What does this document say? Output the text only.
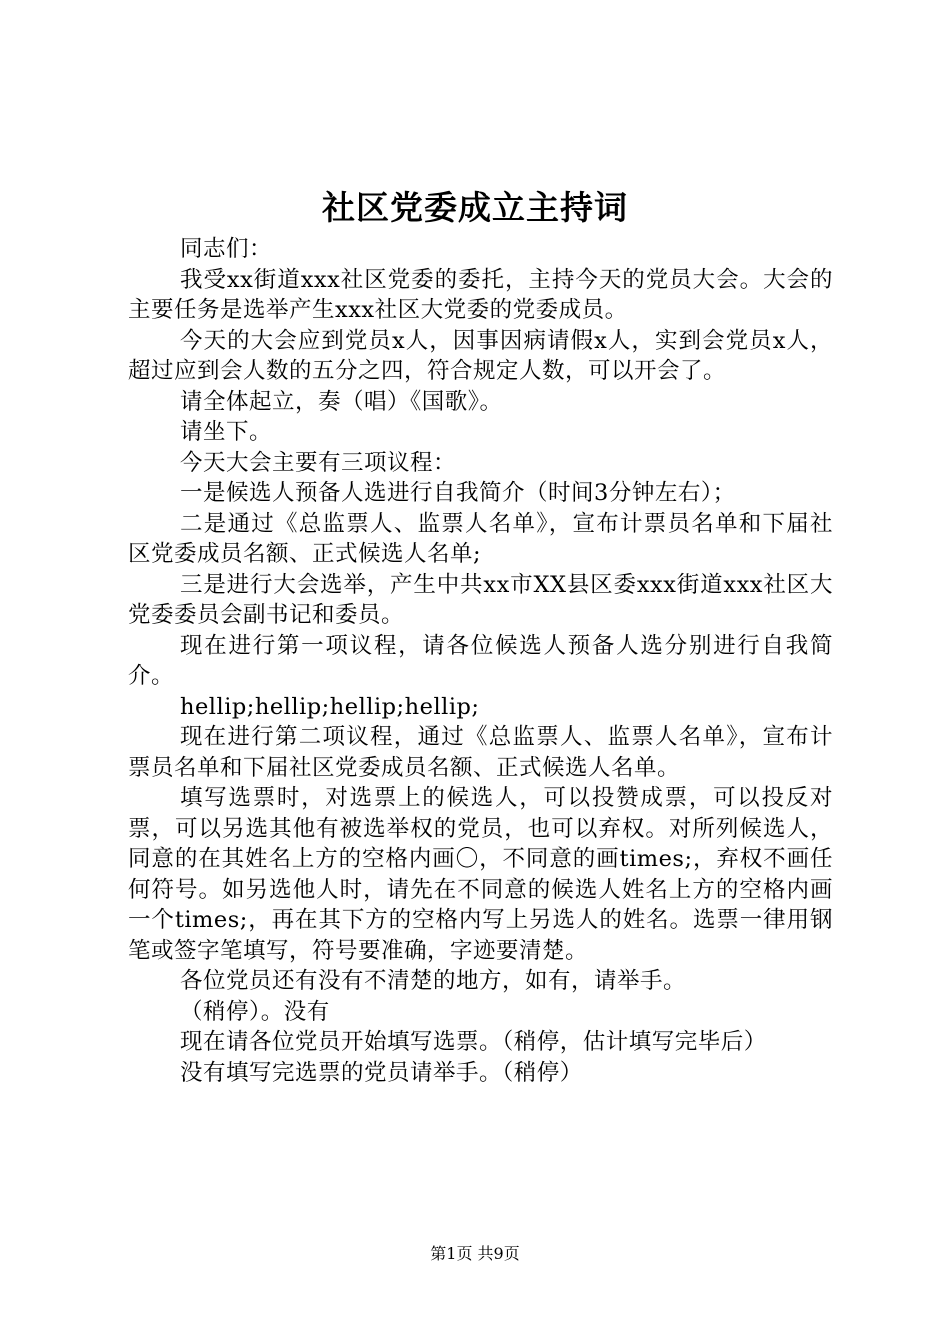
社区党委成立主持词

同志们：

我受xx街道xxx社区党委的委托，主持今天的党员大会。大会的主要任务是选举产生xxx社区大党委的党委成员。

今天的大会应到党员x人，因事因病请假x人，实到会党员x人，超过应到会人数的五分之四，符合规定人数，可以开会了。

请全体起立，奏（唱）《国歌》。

请坐下。

今天大会主要有三项议程：

一是候选人预备人选进行自我简介（时间3分钟左右）；

二是通过《总监票人、监票人名单》，宣布计票员名单和下届社区党委成员名额、正式候选人名单;

三是进行大会选举，产生中共xx市XX县区委xxx街道xxx社区大党委委员会副书记和委员。

现在进行第一项议程，请各位候选人预备人选分别进行自我简介。

hellip;hellip;hellip;hellip;

现在进行第二项议程，通过《总监票人、监票人名单》，宣布计票员名单和下届社区党委成员名额、正式候选人名单。

填写选票时，对选票上的候选人，可以投赞成票，可以投反对票，可以另选其他有被选举权的党员，也可以弃权。对所列候选人，同意的在其姓名上方的空格内画〇，不同意的画times;，弃权不画任何符号。如另选他人时，请先在不同意的候选人姓名上方的空格内画一个times;，再在其下方的空格内写上另选人的姓名。选票一律用钢笔或签字笔填写，符号要准确，字迹要清楚。

各位党员还有没有不清楚的地方，如有，请举手。

（稍停）。没有

现在请各位党员开始填写选票。（稍停，估计填写完毕后）

没有填写完选票的党员请举手。（稍停）

第1页 共9页
